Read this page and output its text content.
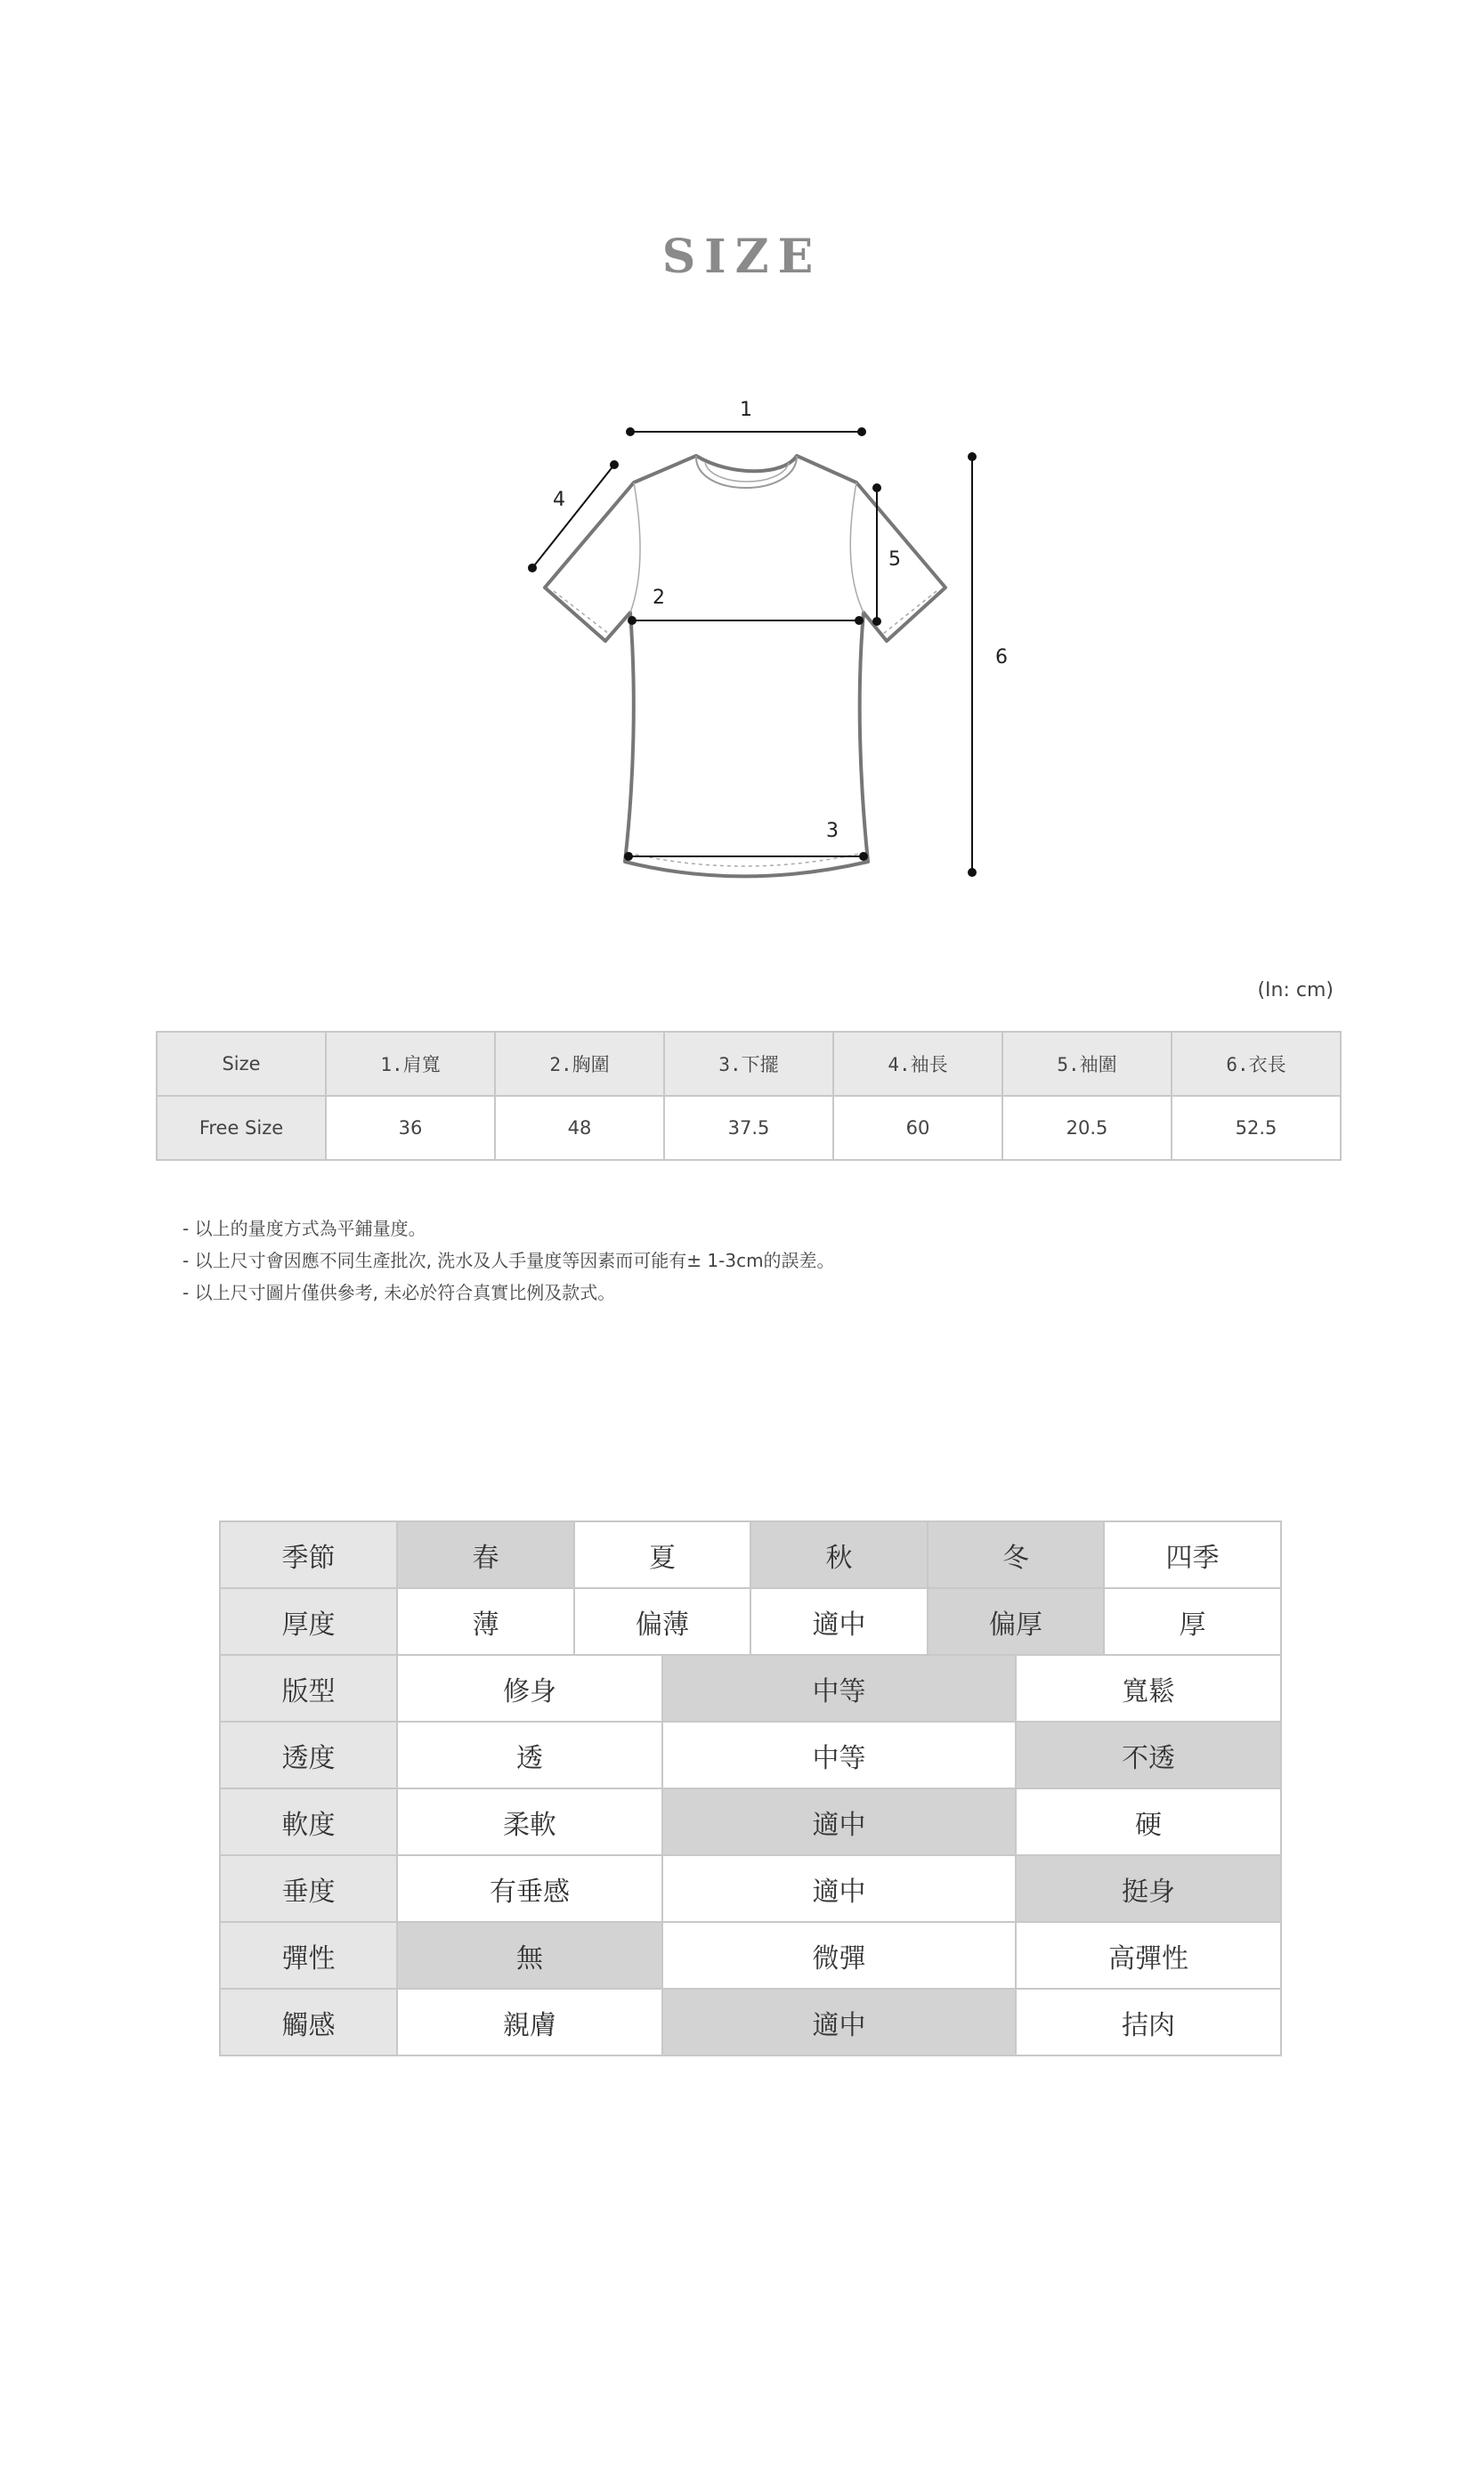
SIZE
1
2
3
4
5
6
(In: cm)
Size	1.肩寬	2.胸圍	3.下擺	4.袖長	5.袖圍	6.衣長
Free Size	36	48	37.5	60	20.5	52.5
- 以上的量度方式為平鋪量度。
- 以上尺寸會因應不同生產批次, 洗水及人手量度等因素而可能有± 1-3cm的誤差。
- 以上尺寸圖片僅供參考, 未必於符合真實比例及款式。
季節	春	夏		秋	冬		四季
厚度	薄	偏薄		適中	偏厚		厚
版型	修身		中等			寬鬆	
透度	透		中等			不透	
軟度	柔軟		適中			硬	
垂度	有垂感		適中			挺身	
彈性	無		微彈			高彈性	
觸感	親膚		適中			拮肉	
